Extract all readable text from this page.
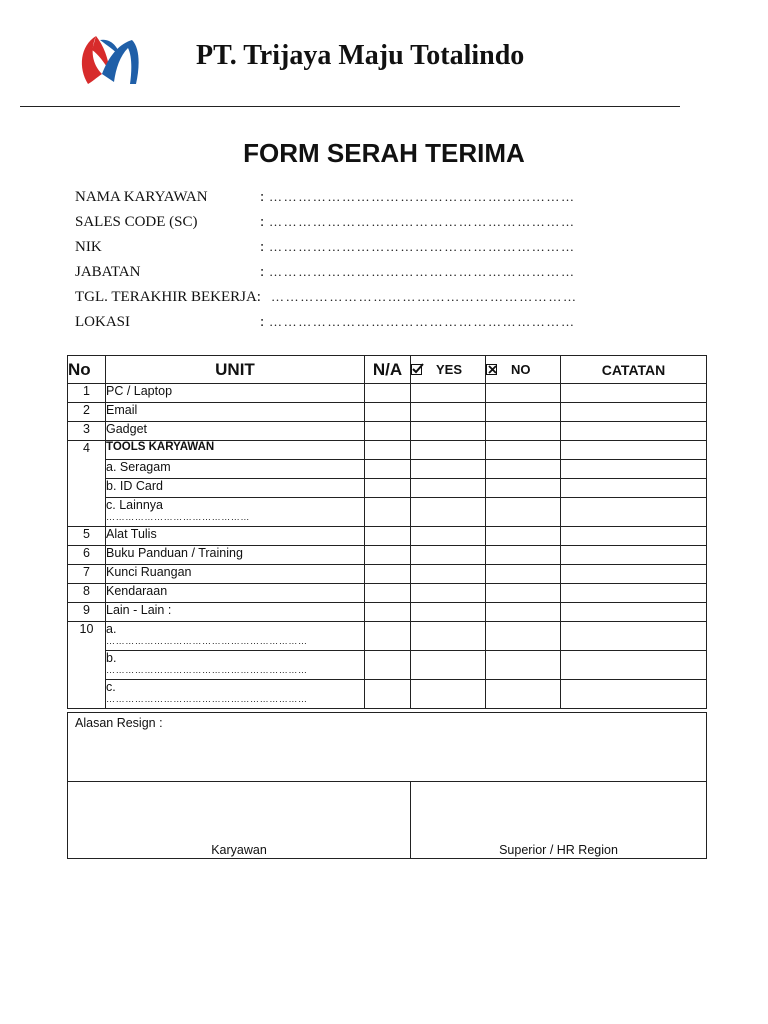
PT. Trijaya Maju Totalindo
FORM SERAH TERIMA
NAMA KARYAWAN	: ………………………………………………………
SALES CODE (SC)	: ………………………………………………………
NIK	: ………………………………………………………
JABATAN	: ………………………………………………………
TGL. TERAKHIR BEKERJA: ………………………………………………………
LOKASI	: ………………………………………………………
No	UNIT	N/A	YES	NO	CATATAN
1	PC / Laptop				
2	Email				
3	Gadget				
4	TOOLS KARYAWAN				
	a. Seragam				
	b. ID Card				
	c. Lainnya
………………………………………				

5	Alat Tulis				
6	Buku Panduan / Training				
7	Kunci Ruangan				
8	Kendaraan				
9	Lain - Lain :				
10	a.
………………………………………………………				

	b.
………………………………………………………				

	c.
………………………………………………………				

Alasan Resign :
Karyawan	Superior / HR Region
